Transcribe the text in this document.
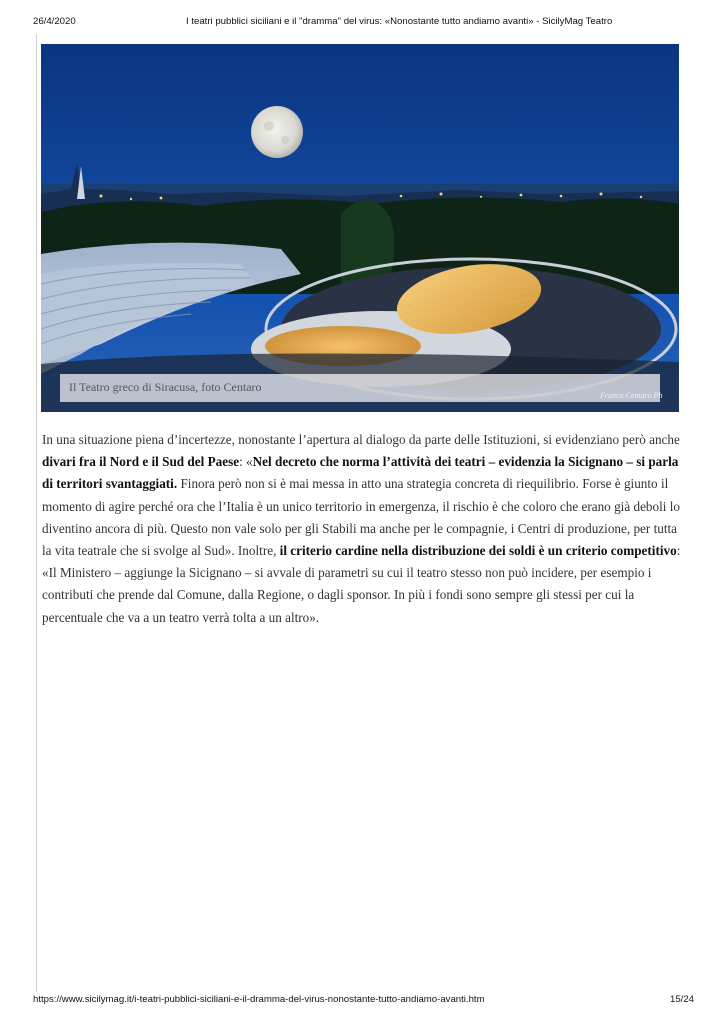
26/4/2020	I teatri pubblici siciliani e il "dramma" del virus: «Nonostante tutto andiamo avanti» - SicilyMag Teatro
Il Teatro greco di Siracusa, foto Centaro
Franco Centaro Ph

In una situazione piena d’incertezze, nonostante l’apertura al dialogo da parte delle Istituzioni, si evidenziano però anche divari fra il Nord e il Sud del Paese: «Nel decreto che norma l’attività dei teatri – evidenzia la Sicignano – si parla di territori svantaggiati. Finora però non si è mai messa in atto una strategia concreta di riequilibrio. Forse è giunto il momento di agire perché ora che l’Italia è un unico territorio in emergenza, il rischio è che coloro che erano già deboli lo diventino ancora di più. Questo non vale solo per gli Stabili ma anche per le compagnie, i Centri di produzione, per tutta la vita teatrale che si svolge al Sud». Inoltre, il criterio cardine nella distribuzione dei soldi è un criterio competitivo: «Il Ministero – aggiunge la Sicignano – si avvale di parametri su cui il teatro stesso non può incidere, per esempio i contributi che prende dal Comune, dalla Regione, o dagli sponsor. In più i fondi sono sempre gli stessi per cui la percentuale che va a un teatro verrà tolta a un altro».

https://www.sicilymag.it/i-teatri-pubblici-siciliani-e-il-dramma-del-virus-nonostante-tutto-andiamo-avanti.htm	15/24
